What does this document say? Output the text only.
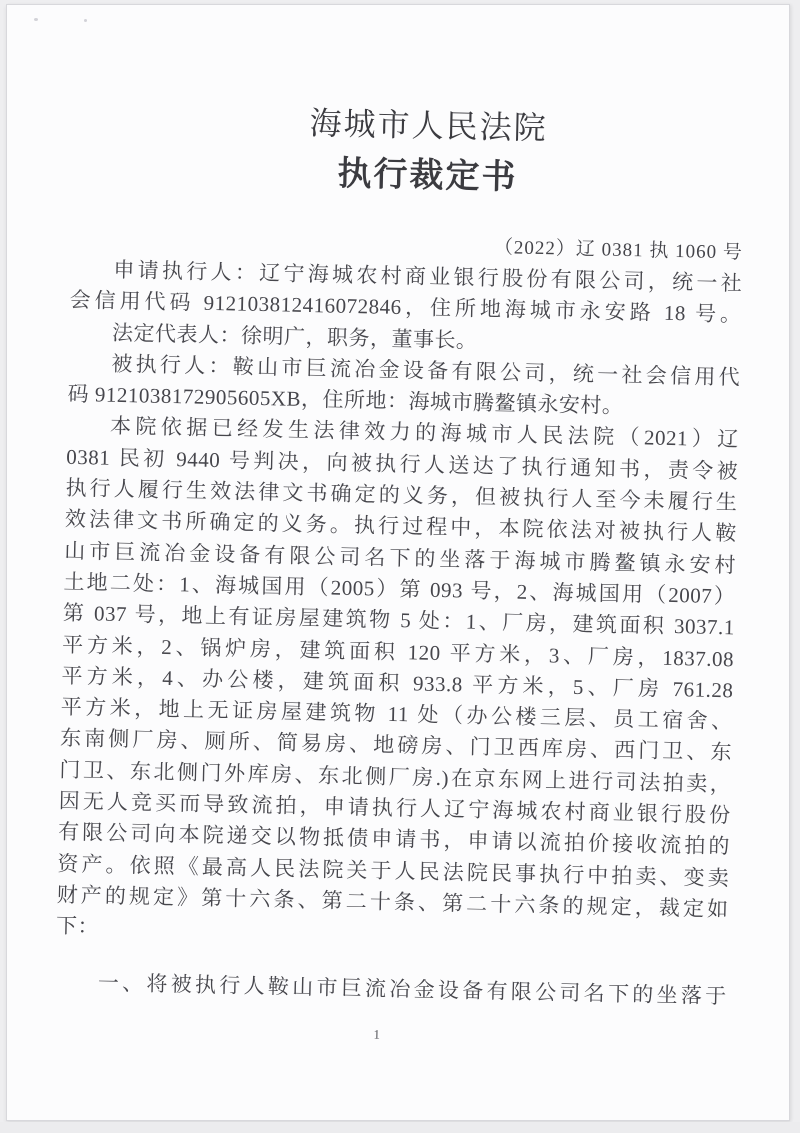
海城市人民法院
执行裁定书
（2022）辽 0381 执 1060 号
申请执行人：辽宁海城农村商业银行股份有限公司，统一社
会信用代码 912103812416072846，住所地海城市永安路 18 号。
法定代表人：徐明广，职务，董事长。
被执行人：鞍山市巨流冶金设备有限公司，统一社会信用代
码 9121038172905605XB，住所地：海城市腾鳌镇永安村。
本院依据已经发生法律效力的海城市人民法院（2021）辽
0381 民初 9440 号判决，向被执行人送达了执行通知书，责令被
执行人履行生效法律文书确定的义务，但被执行人至今未履行生
效法律文书所确定的义务。执行过程中，本院依法对被执行人鞍
山市巨流冶金设备有限公司名下的坐落于海城市腾鳌镇永安村
土地二处：1、海城国用（2005）第 093 号，2、海城国用（2007）
第 037 号，地上有证房屋建筑物 5 处：1、厂房，建筑面积 3037.1
平方米，2、锅炉房，建筑面积 120 平方米，3、厂房，1837.08
平方米，4、办公楼，建筑面积 933.8 平方米，5、厂房 761.28
平方米，地上无证房屋建筑物 11 处（办公楼三层、员工宿舍、
东南侧厂房、厕所、简易房、地磅房、门卫西库房、西门卫、东
门卫、东北侧门外库房、东北侧厂房.)在京东网上进行司法拍卖，
因无人竞买而导致流拍，申请执行人辽宁海城农村商业银行股份
有限公司向本院递交以物抵债申请书，申请以流拍价接收流拍的
资产。依照《最高人民法院关于人民法院民事执行中拍卖、变卖
财产的规定》第十六条、第二十条、第二十六条的规定，裁定如
下：
一、将被执行人鞍山市巨流冶金设备有限公司名下的坐落于
1
